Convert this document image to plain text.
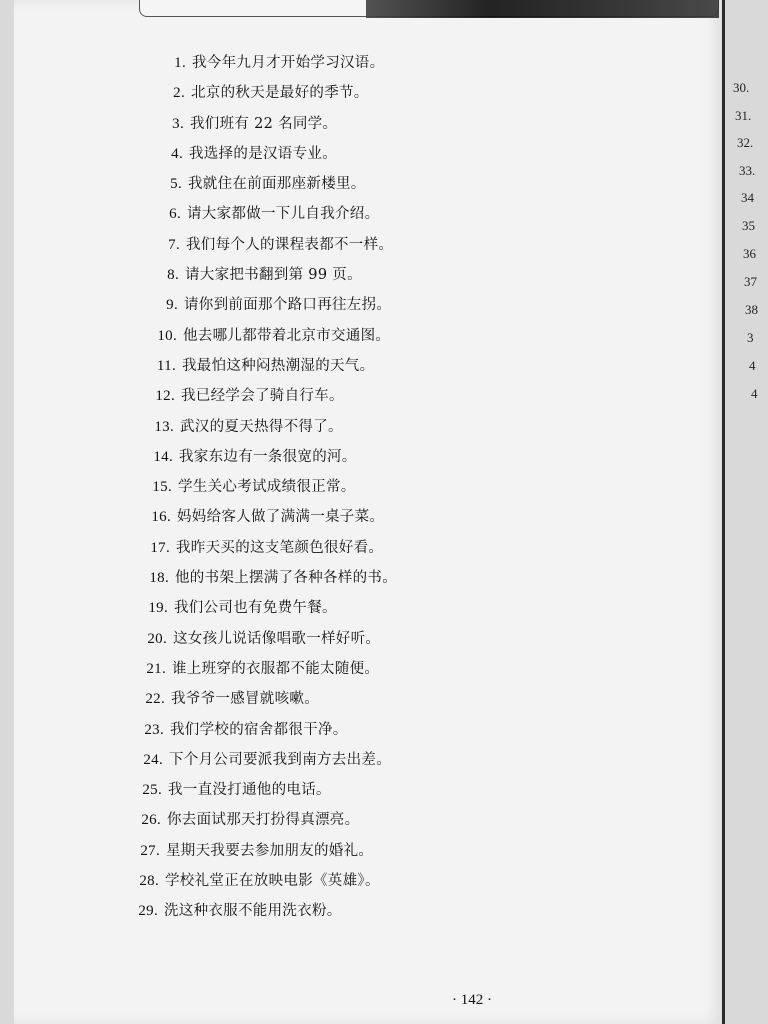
1. 我今年九月才开始学习汉语。
2. 北京的秋天是最好的季节。
3. 我们班有 22 名同学。
4. 我选择的是汉语专业。
5. 我就住在前面那座新楼里。
6. 请大家都做一下儿自我介绍。
7. 我们每个人的课程表都不一样。
8. 请大家把书翻到第 99 页。
9. 请你到前面那个路口再往左拐。
10. 他去哪儿都带着北京市交通图。
11. 我最怕这种闷热潮湿的天气。
12. 我已经学会了骑自行车。
13. 武汉的夏天热得不得了。
14. 我家东边有一条很宽的河。
15. 学生关心考试成绩很正常。
16. 妈妈给客人做了满满一桌子菜。
17. 我昨天买的这支笔颜色很好看。
18. 他的书架上摆满了各种各样的书。
19. 我们公司也有免费午餐。
20. 这女孩儿说话像唱歌一样好听。
21. 谁上班穿的衣服都不能太随便。
22. 我爷爷一感冒就咳嗽。
23. 我们学校的宿舍都很干净。
24. 下个月公司要派我到南方去出差。
25. 我一直没打通他的电话。
26. 你去面试那天打扮得真漂亮。
27. 星期天我要去参加朋友的婚礼。
28. 学校礼堂正在放映电影《英雄》。
29. 洗这种衣服不能用洗衣粉。
· 142 ·
30.
31.
32.
33.
34
35
36
37
38
3
4
4
